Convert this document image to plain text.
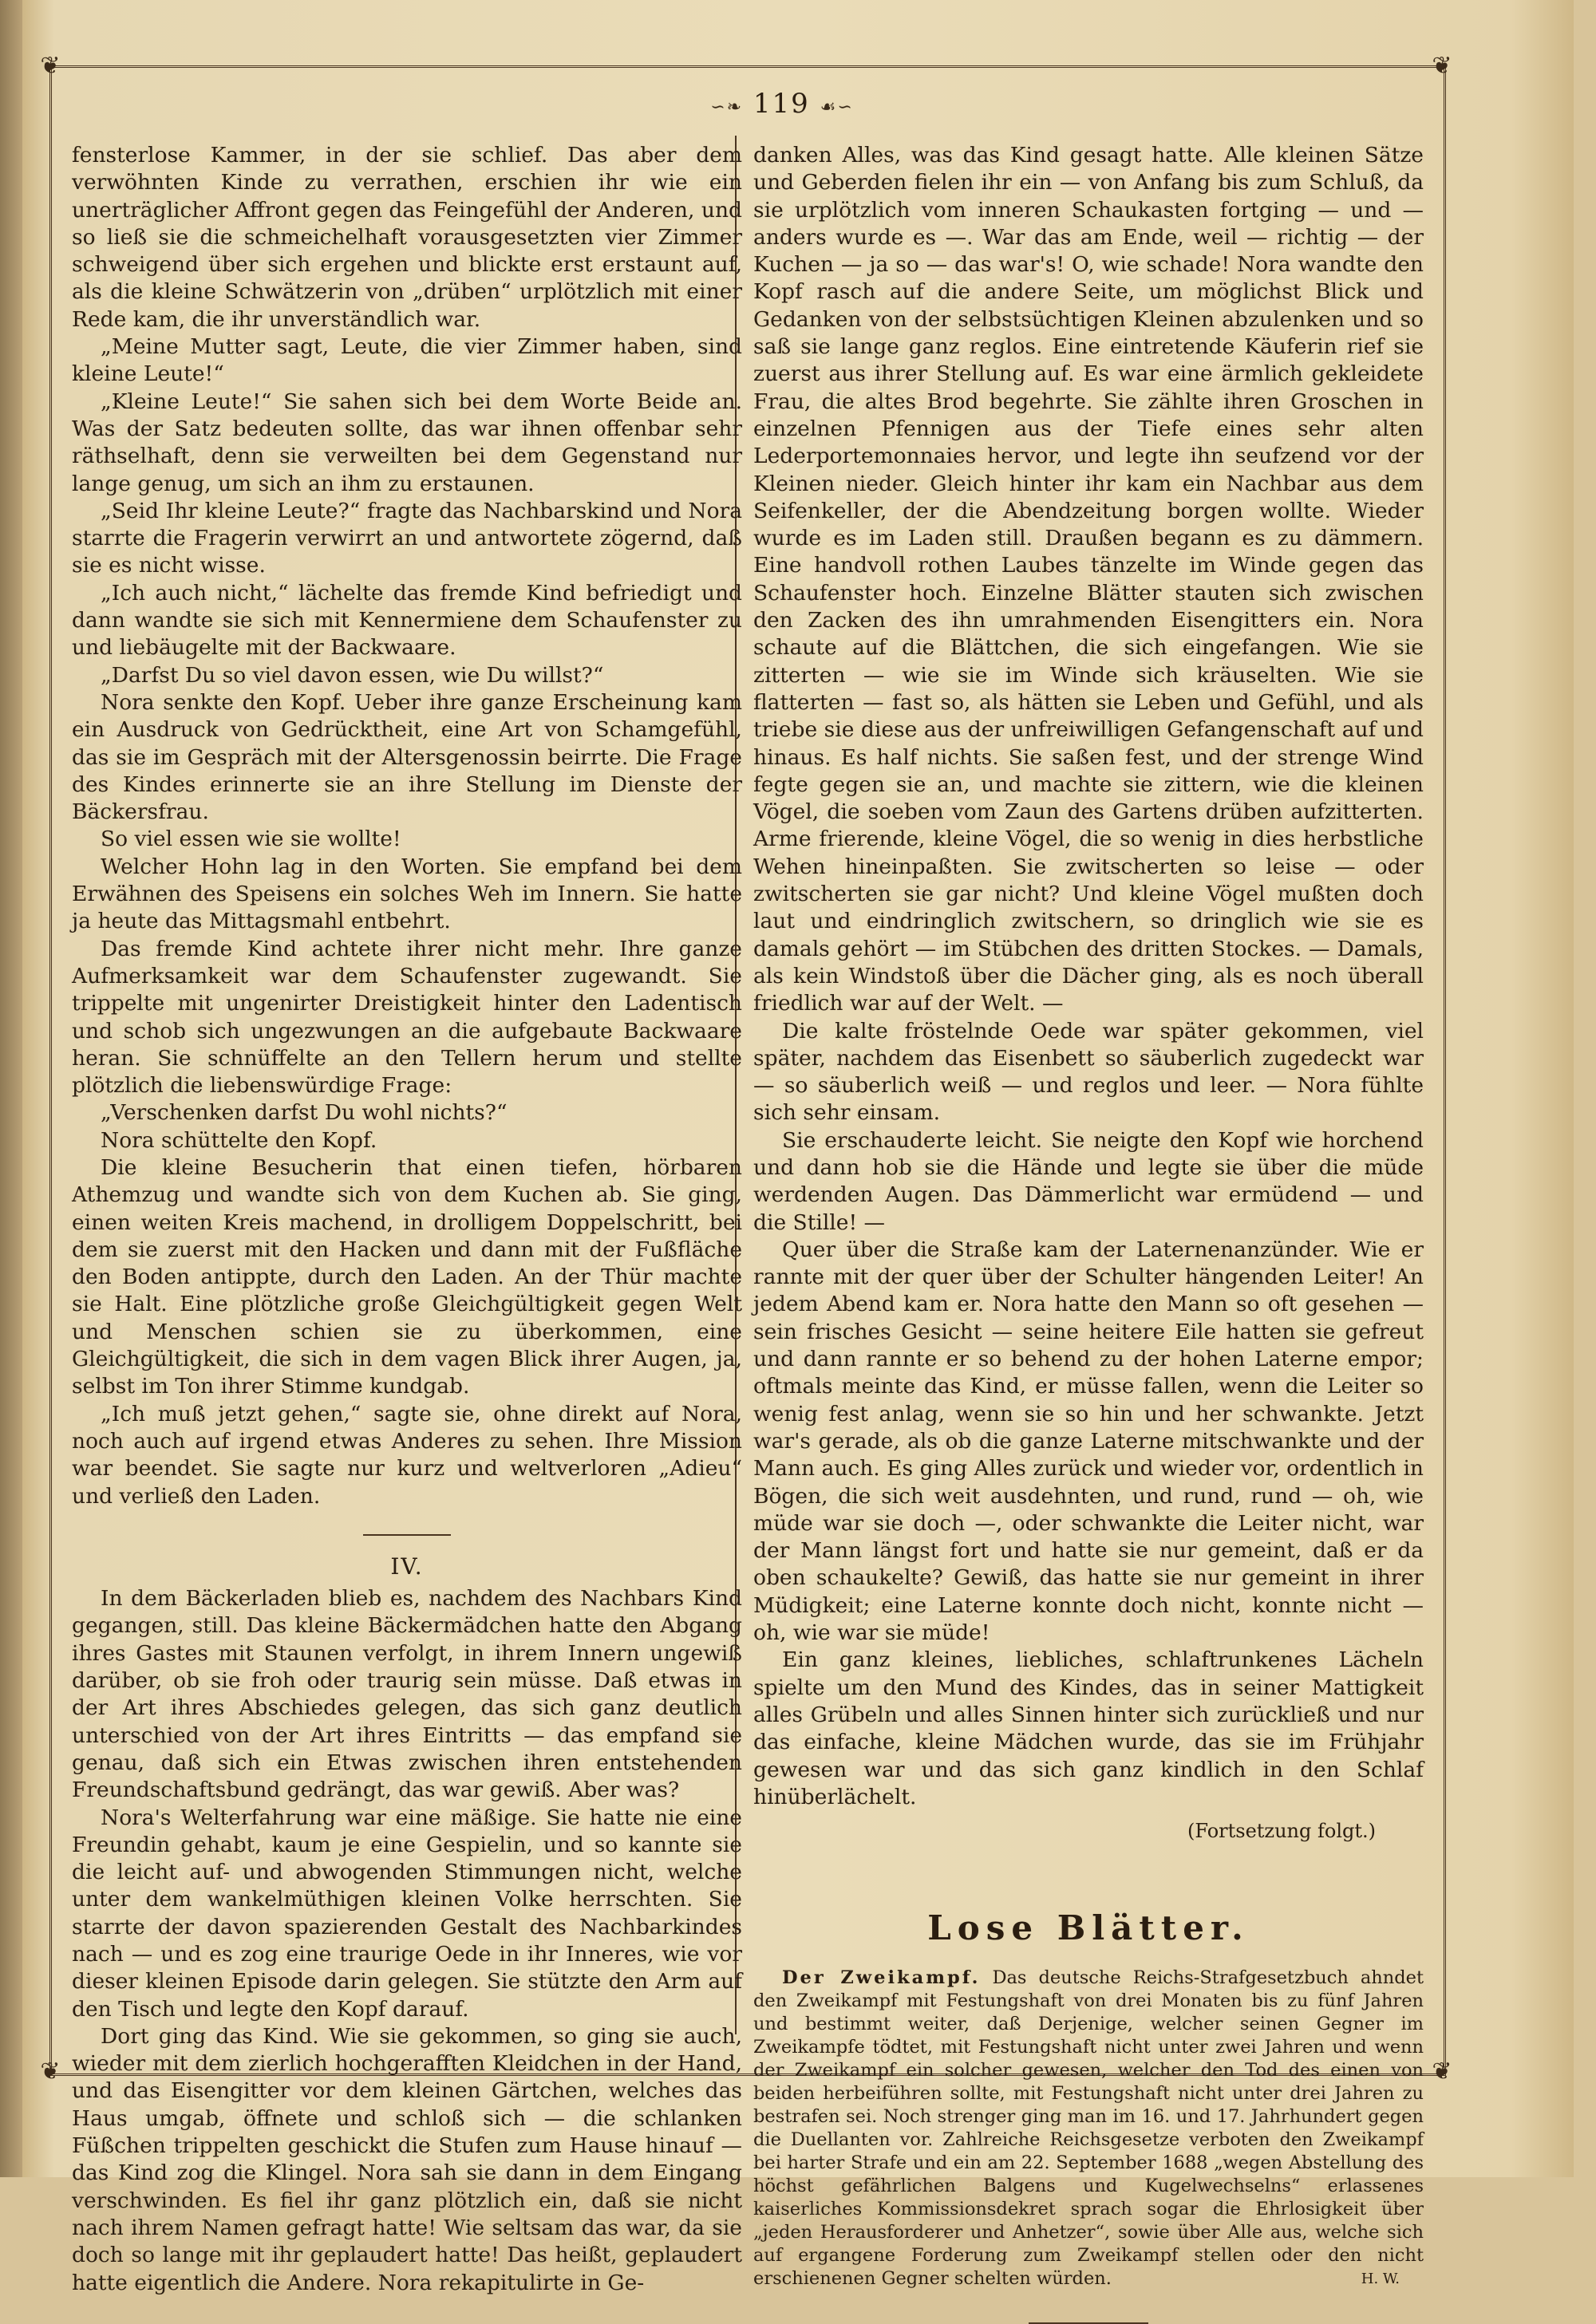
❦	❦
❦	❦
∽❧ 119 ☙∽

fensterlose Kammer, in der sie schlief. Das aber dem verwöhnten Kinde zu verrathen, erschien ihr wie ein unerträglicher Affront gegen das Feingefühl der Anderen, und so ließ sie die schmeichelhaft vorausgesetzten vier Zimmer schweigend über sich ergehen und blickte erst erstaunt auf, als die kleine Schwätzerin von „drüben“ urplötzlich mit einer Rede kam, die ihr unverständlich war.

„Meine Mutter sagt, Leute, die vier Zimmer haben, sind kleine Leute!“

„Kleine Leute!“ Sie sahen sich bei dem Worte Beide an. Was der Satz bedeuten sollte, das war ihnen offenbar sehr räthselhaft, denn sie verweilten bei dem Gegenstand nur lange genug, um sich an ihm zu erstaunen.

„Seid Ihr kleine Leute?“ fragte das Nachbarskind und Nora starrte die Fragerin verwirrt an und antwortete zögernd, daß sie es nicht wisse.

„Ich auch nicht,“ lächelte das fremde Kind befriedigt und dann wandte sie sich mit Kennermiene dem Schaufenster zu und liebäugelte mit der Backwaare.

„Darfst Du so viel davon essen, wie Du willst?“

Nora senkte den Kopf. Ueber ihre ganze Erscheinung kam ein Ausdruck von Gedrücktheit, eine Art von Schamgefühl, das sie im Gespräch mit der Altersgenossin beirrte. Die Frage des Kindes erinnerte sie an ihre Stellung im Dienste der Bäckersfrau.

So viel essen wie sie wollte!

Welcher Hohn lag in den Worten. Sie empfand bei dem Erwähnen des Speisens ein solches Weh im Innern. Sie hatte ja heute das Mittagsmahl entbehrt.

Das fremde Kind achtete ihrer nicht mehr. Ihre ganze Aufmerksamkeit war dem Schaufenster zugewandt. Sie trippelte mit ungenirter Dreistigkeit hinter den Ladentisch und schob sich ungezwungen an die aufgebaute Backwaare heran. Sie schnüffelte an den Tellern herum und stellte plötzlich die liebenswürdige Frage:

„Verschenken darfst Du wohl nichts?“

Nora schüttelte den Kopf.

Die kleine Besucherin that einen tiefen, hörbaren Athemzug und wandte sich von dem Kuchen ab. Sie ging, einen weiten Kreis machend, in drolligem Doppelschritt, bei dem sie zuerst mit den Hacken und dann mit der Fußfläche den Boden antippte, durch den Laden. An der Thür machte sie Halt. Eine plötzliche große Gleichgültigkeit gegen Welt und Menschen schien sie zu überkommen, eine Gleichgültigkeit, die sich in dem vagen Blick ihrer Augen, ja, selbst im Ton ihrer Stimme kundgab.

„Ich muß jetzt gehen,“ sagte sie, ohne direkt auf Nora, noch auch auf irgend etwas Anderes zu sehen. Ihre Mission war beendet. Sie sagte nur kurz und weltverloren „Adieu“ und verließ den Laden.

IV.

In dem Bäckerladen blieb es, nachdem des Nachbars Kind gegangen, still. Das kleine Bäckermädchen hatte den Abgang ihres Gastes mit Staunen verfolgt, in ihrem Innern ungewiß darüber, ob sie froh oder traurig sein müsse. Daß etwas in der Art ihres Abschiedes gelegen, das sich ganz deutlich unterschied von der Art ihres Eintritts — das empfand sie genau, daß sich ein Etwas zwischen ihren entstehenden Freundschaftsbund gedrängt, das war gewiß. Aber was?

Nora's Welterfahrung war eine mäßige. Sie hatte nie eine Freundin gehabt, kaum je eine Gespielin, und so kannte sie die leicht auf- und abwogenden Stimmungen nicht, welche unter dem wankelmüthigen kleinen Volke herrschten. Sie starrte der davon spazierenden Gestalt des Nachbarkindes nach — und es zog eine traurige Oede in ihr Inneres, wie vor dieser kleinen Episode darin gelegen. Sie stützte den Arm auf den Tisch und legte den Kopf darauf.

Dort ging das Kind. Wie sie gekommen, so ging sie auch, wieder mit dem zierlich hochgerafften Kleidchen in der Hand, und das Eisengitter vor dem kleinen Gärtchen, welches das Haus umgab, öffnete und schloß sich — die schlanken Füßchen trippelten geschickt die Stufen zum Hause hinauf — das Kind zog die Klingel. Nora sah sie dann in dem Eingang verschwinden. Es fiel ihr ganz plötzlich ein, daß sie nicht nach ihrem Namen gefragt hatte! Wie seltsam das war, da sie doch so lange mit ihr geplaudert hatte! Das heißt, geplaudert hatte eigentlich die Andere. Nora rekapitulirte in Ge-

danken Alles, was das Kind gesagt hatte. Alle kleinen Sätze und Geberden fielen ihr ein — von Anfang bis zum Schluß, da sie urplötzlich vom inneren Schaukasten fortging — und — anders wurde es —. War das am Ende, weil — richtig — der Kuchen — ja so — das war's! O, wie schade! Nora wandte den Kopf rasch auf die andere Seite, um möglichst Blick und Gedanken von der selbstsüchtigen Kleinen abzulenken und so saß sie lange ganz reglos. Eine eintretende Käuferin rief sie zuerst aus ihrer Stellung auf. Es war eine ärmlich gekleidete Frau, die altes Brod begehrte. Sie zählte ihren Groschen in einzelnen Pfennigen aus der Tiefe eines sehr alten Lederportemonnaies hervor, und legte ihn seufzend vor der Kleinen nieder. Gleich hinter ihr kam ein Nachbar aus dem Seifenkeller, der die Abendzeitung borgen wollte. Wieder wurde es im Laden still. Draußen begann es zu dämmern. Eine handvoll rothen Laubes tänzelte im Winde gegen das Schaufenster hoch. Einzelne Blätter stauten sich zwischen den Zacken des ihn umrahmenden Eisengitters ein. Nora schaute auf die Blättchen, die sich eingefangen. Wie sie zitterten — wie sie im Winde sich kräuselten. Wie sie flatterten — fast so, als hätten sie Leben und Gefühl, und als triebe sie diese aus der unfreiwilligen Gefangenschaft auf und hinaus. Es half nichts. Sie saßen fest, und der strenge Wind fegte gegen sie an, und machte sie zittern, wie die kleinen Vögel, die soeben vom Zaun des Gartens drüben aufzitterten. Arme frierende, kleine Vögel, die so wenig in dies herbstliche Wehen hineinpaßten. Sie zwitscherten so leise — oder zwitscherten sie gar nicht? Und kleine Vögel mußten doch laut und eindringlich zwitschern, so dringlich wie sie es damals gehört — im Stübchen des dritten Stockes. — Damals, als kein Windstoß über die Dächer ging, als es noch überall friedlich war auf der Welt. —

Die kalte fröstelnde Oede war später gekommen, viel später, nachdem das Eisenbett so säuberlich zugedeckt war — so säuberlich weiß — und reglos und leer. — Nora fühlte sich sehr einsam.

Sie erschauderte leicht. Sie neigte den Kopf wie horchend und dann hob sie die Hände und legte sie über die müde werdenden Augen. Das Dämmerlicht war ermüdend — und die Stille! —

Quer über die Straße kam der Laternenanzünder. Wie er rannte mit der quer über der Schulter hängenden Leiter! An jedem Abend kam er. Nora hatte den Mann so oft gesehen — sein frisches Gesicht — seine heitere Eile hatten sie gefreut und dann rannte er so behend zu der hohen Laterne empor; oftmals meinte das Kind, er müsse fallen, wenn die Leiter so wenig fest anlag, wenn sie so hin und her schwankte. Jetzt war's gerade, als ob die ganze Laterne mitschwankte und der Mann auch. Es ging Alles zurück und wieder vor, ordentlich in Bögen, die sich weit ausdehnten, und rund, rund — oh, wie müde war sie doch —, oder schwankte die Leiter nicht, war der Mann längst fort und hatte sie nur gemeint, daß er da oben schaukelte? Gewiß, das hatte sie nur gemeint in ihrer Müdigkeit; eine Laterne konnte doch nicht, konnte nicht — oh, wie war sie müde!

Ein ganz kleines, liebliches, schlaftrunkenes Lächeln spielte um den Mund des Kindes, das in seiner Mattigkeit alles Grübeln und alles Sinnen hinter sich zurückließ und nur das einfache, kleine Mädchen wurde, das sie im Frühjahr gewesen war und das sich ganz kindlich in den Schlaf hinüberlächelt.

(Fortsetzung folgt.)
Lose Blätter.

Der Zweikampf. Das deutsche Reichs-Strafgesetzbuch ahndet den Zweikampf mit Festungshaft von drei Monaten bis zu fünf Jahren und bestimmt weiter, daß Derjenige, welcher seinen Gegner im Zweikampfe tödtet, mit Festungshaft nicht unter zwei Jahren und wenn der Zweikampf ein solcher gewesen, welcher den Tod des einen von beiden herbeiführen sollte, mit Festungshaft nicht unter drei Jahren zu bestrafen sei. Noch strenger ging man im 16. und 17. Jahrhundert gegen die Duellanten vor. Zahlreiche Reichsgesetze verboten den Zweikampf bei harter Strafe und ein am 22. September 1688 „wegen Abstellung des höchst gefährlichen Balgens und Kugelwechselns“ erlassenes kaiserliches Kommissionsdekret sprach sogar die Ehrlosigkeit über „jeden Herausforderer und Anhetzer“, sowie über Alle aus, welche sich auf ergangene Forderung zum Zweikampf stellen oder den nicht erschienenen Gegner schelten würden.	H. W.
